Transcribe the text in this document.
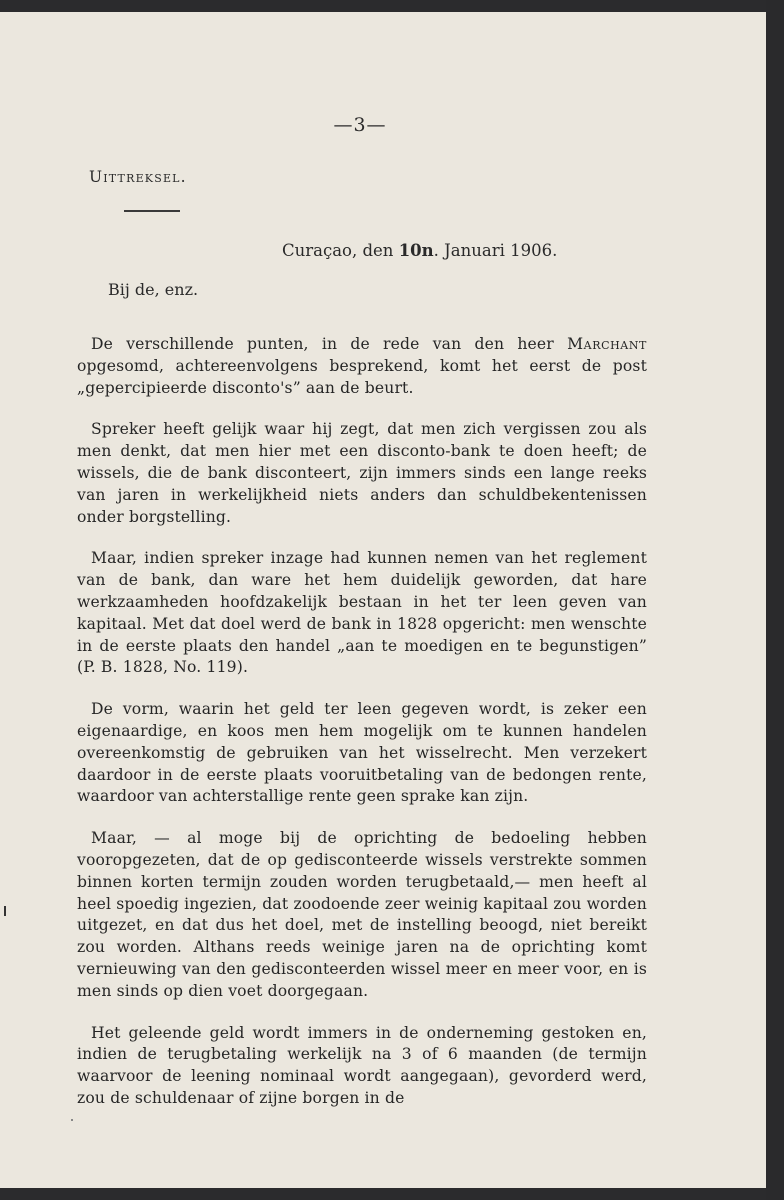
—3—
Uittreksel.
Curaçao, den 10n. Januari 1906.
Bij de, enz.

De verschillende punten, in de rede van den heer Marchant opgesomd, achtereenvolgens besprekend, komt het eerst de post „gepercipieerde disconto's” aan de beurt.

Spreker heeft gelijk waar hij zegt, dat men zich vergissen zou als men denkt, dat men hier met een disconto-bank te doen heeft; de wissels, die de bank disconteert, zijn immers sinds een lange reeks van jaren in werkelijkheid niets anders dan schuldbekentenissen onder borgstelling.

Maar, indien spreker inzage had kunnen nemen van het reglement van de bank, dan ware het hem duidelijk geworden, dat hare werkzaamheden hoofdzakelijk bestaan in het ter leen geven van kapitaal. Met dat doel werd de bank in 1828 opgericht: men wenschte in de eerste plaats den handel „aan te moedigen en te begunstigen” (P. B. 1828, No. 119).

De vorm, waarin het geld ter leen gegeven wordt, is zeker een eigenaardige, en koos men hem mogelijk om te kunnen handelen overeenkomstig de gebruiken van het wisselrecht. Men verzekert daardoor in de eerste plaats vooruitbetaling van de bedongen rente, waardoor van achterstallige rente geen sprake kan zijn.

Maar, — al moge bij de oprichting de bedoeling hebben vooropgezeten, dat de op gedisconteerde wissels verstrekte sommen binnen korten termijn zouden worden terugbetaald,— men heeft al heel spoedig ingezien, dat zoodoende zeer weinig kapitaal zou worden uitgezet, en dat dus het doel, met de instelling beoogd, niet bereikt zou worden. Althans reeds weinige jaren na de oprichting komt vernieuwing van den gedisconteerden wissel meer en meer voor, en is men sinds op dien voet doorgegaan.

Het geleende geld wordt immers in de onderneming gestoken en, indien de terugbetaling werkelijk na 3 of 6 maanden (de termijn waarvoor de leening nominaal wordt aangegaan), gevorderd werd, zou de schuldenaar of zijne borgen in de
